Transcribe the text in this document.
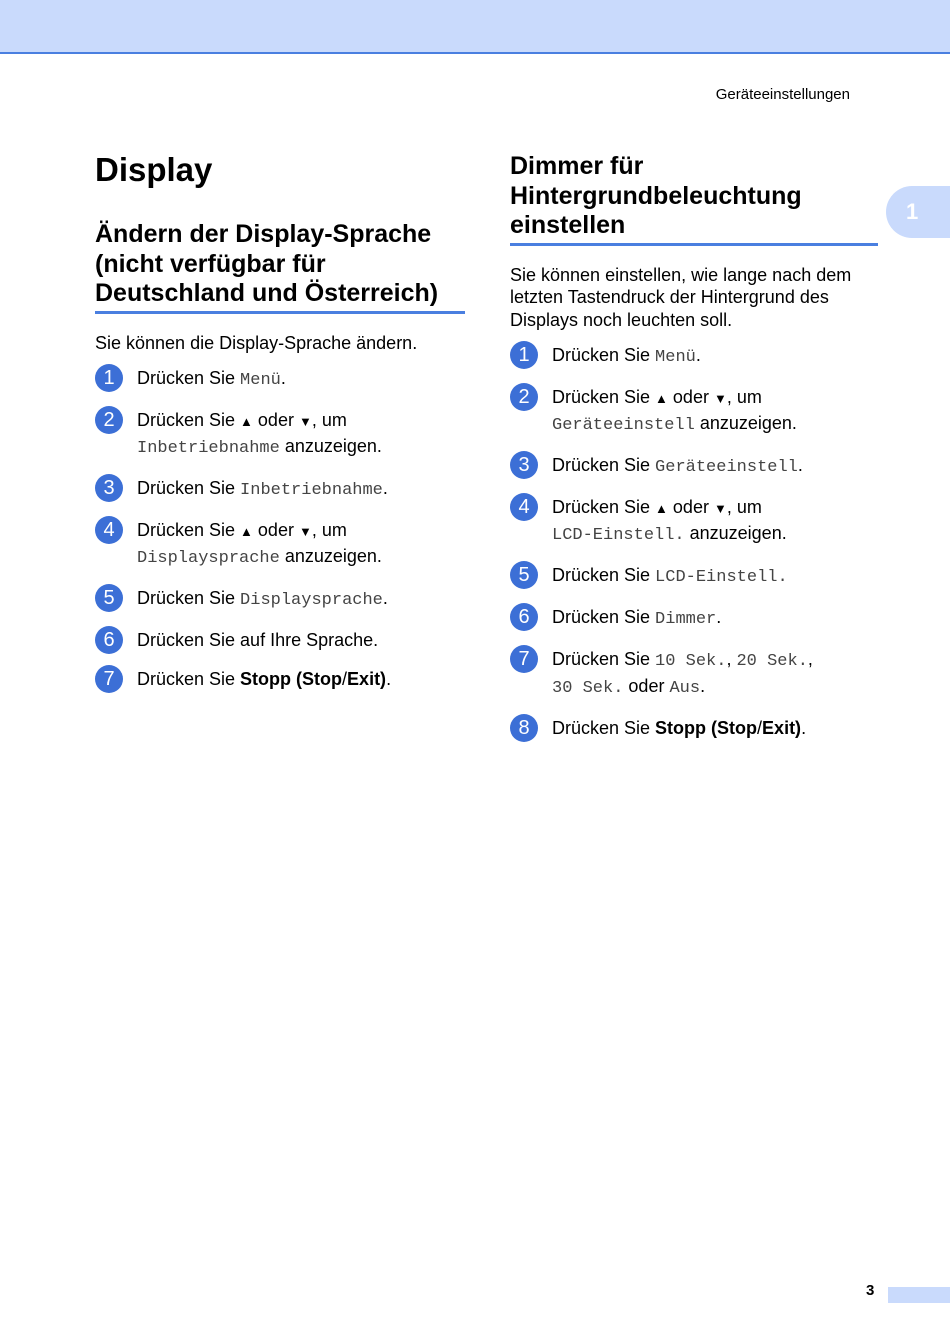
Geräteeinstellungen
1
Display
Ändern der Display-Sprache (nicht verfügbar für Deutschland und Österreich)

Sie können die Display-Sprache ändern.

1	Drücken Sie Menü.
2	Drücken Sie ▲ oder ▼, um
Inbetriebnahme anzuzeigen.
3	Drücken Sie Inbetriebnahme.
4	Drücken Sie ▲ oder ▼, um
Displaysprache anzuzeigen.
5	Drücken Sie Displaysprache.
6	Drücken Sie auf Ihre Sprache.
7	Drücken Sie Stopp (Stop/Exit).
Dimmer für Hintergrundbeleuchtung einstellen

Sie können einstellen, wie lange nach dem letzten Tastendruck der Hintergrund des Displays noch leuchten soll.

1	Drücken Sie Menü.
2	Drücken Sie ▲ oder ▼, um
Geräteeinstell anzuzeigen.
3	Drücken Sie Geräteeinstell.
4	Drücken Sie ▲ oder ▼, um
LCD-Einstell. anzuzeigen.
5	Drücken Sie LCD-Einstell.
6	Drücken Sie Dimmer.
7	Drücken Sie 10 Sek., 20 Sek.,
30 Sek. oder Aus.
8	Drücken Sie Stopp (Stop/Exit).
3
